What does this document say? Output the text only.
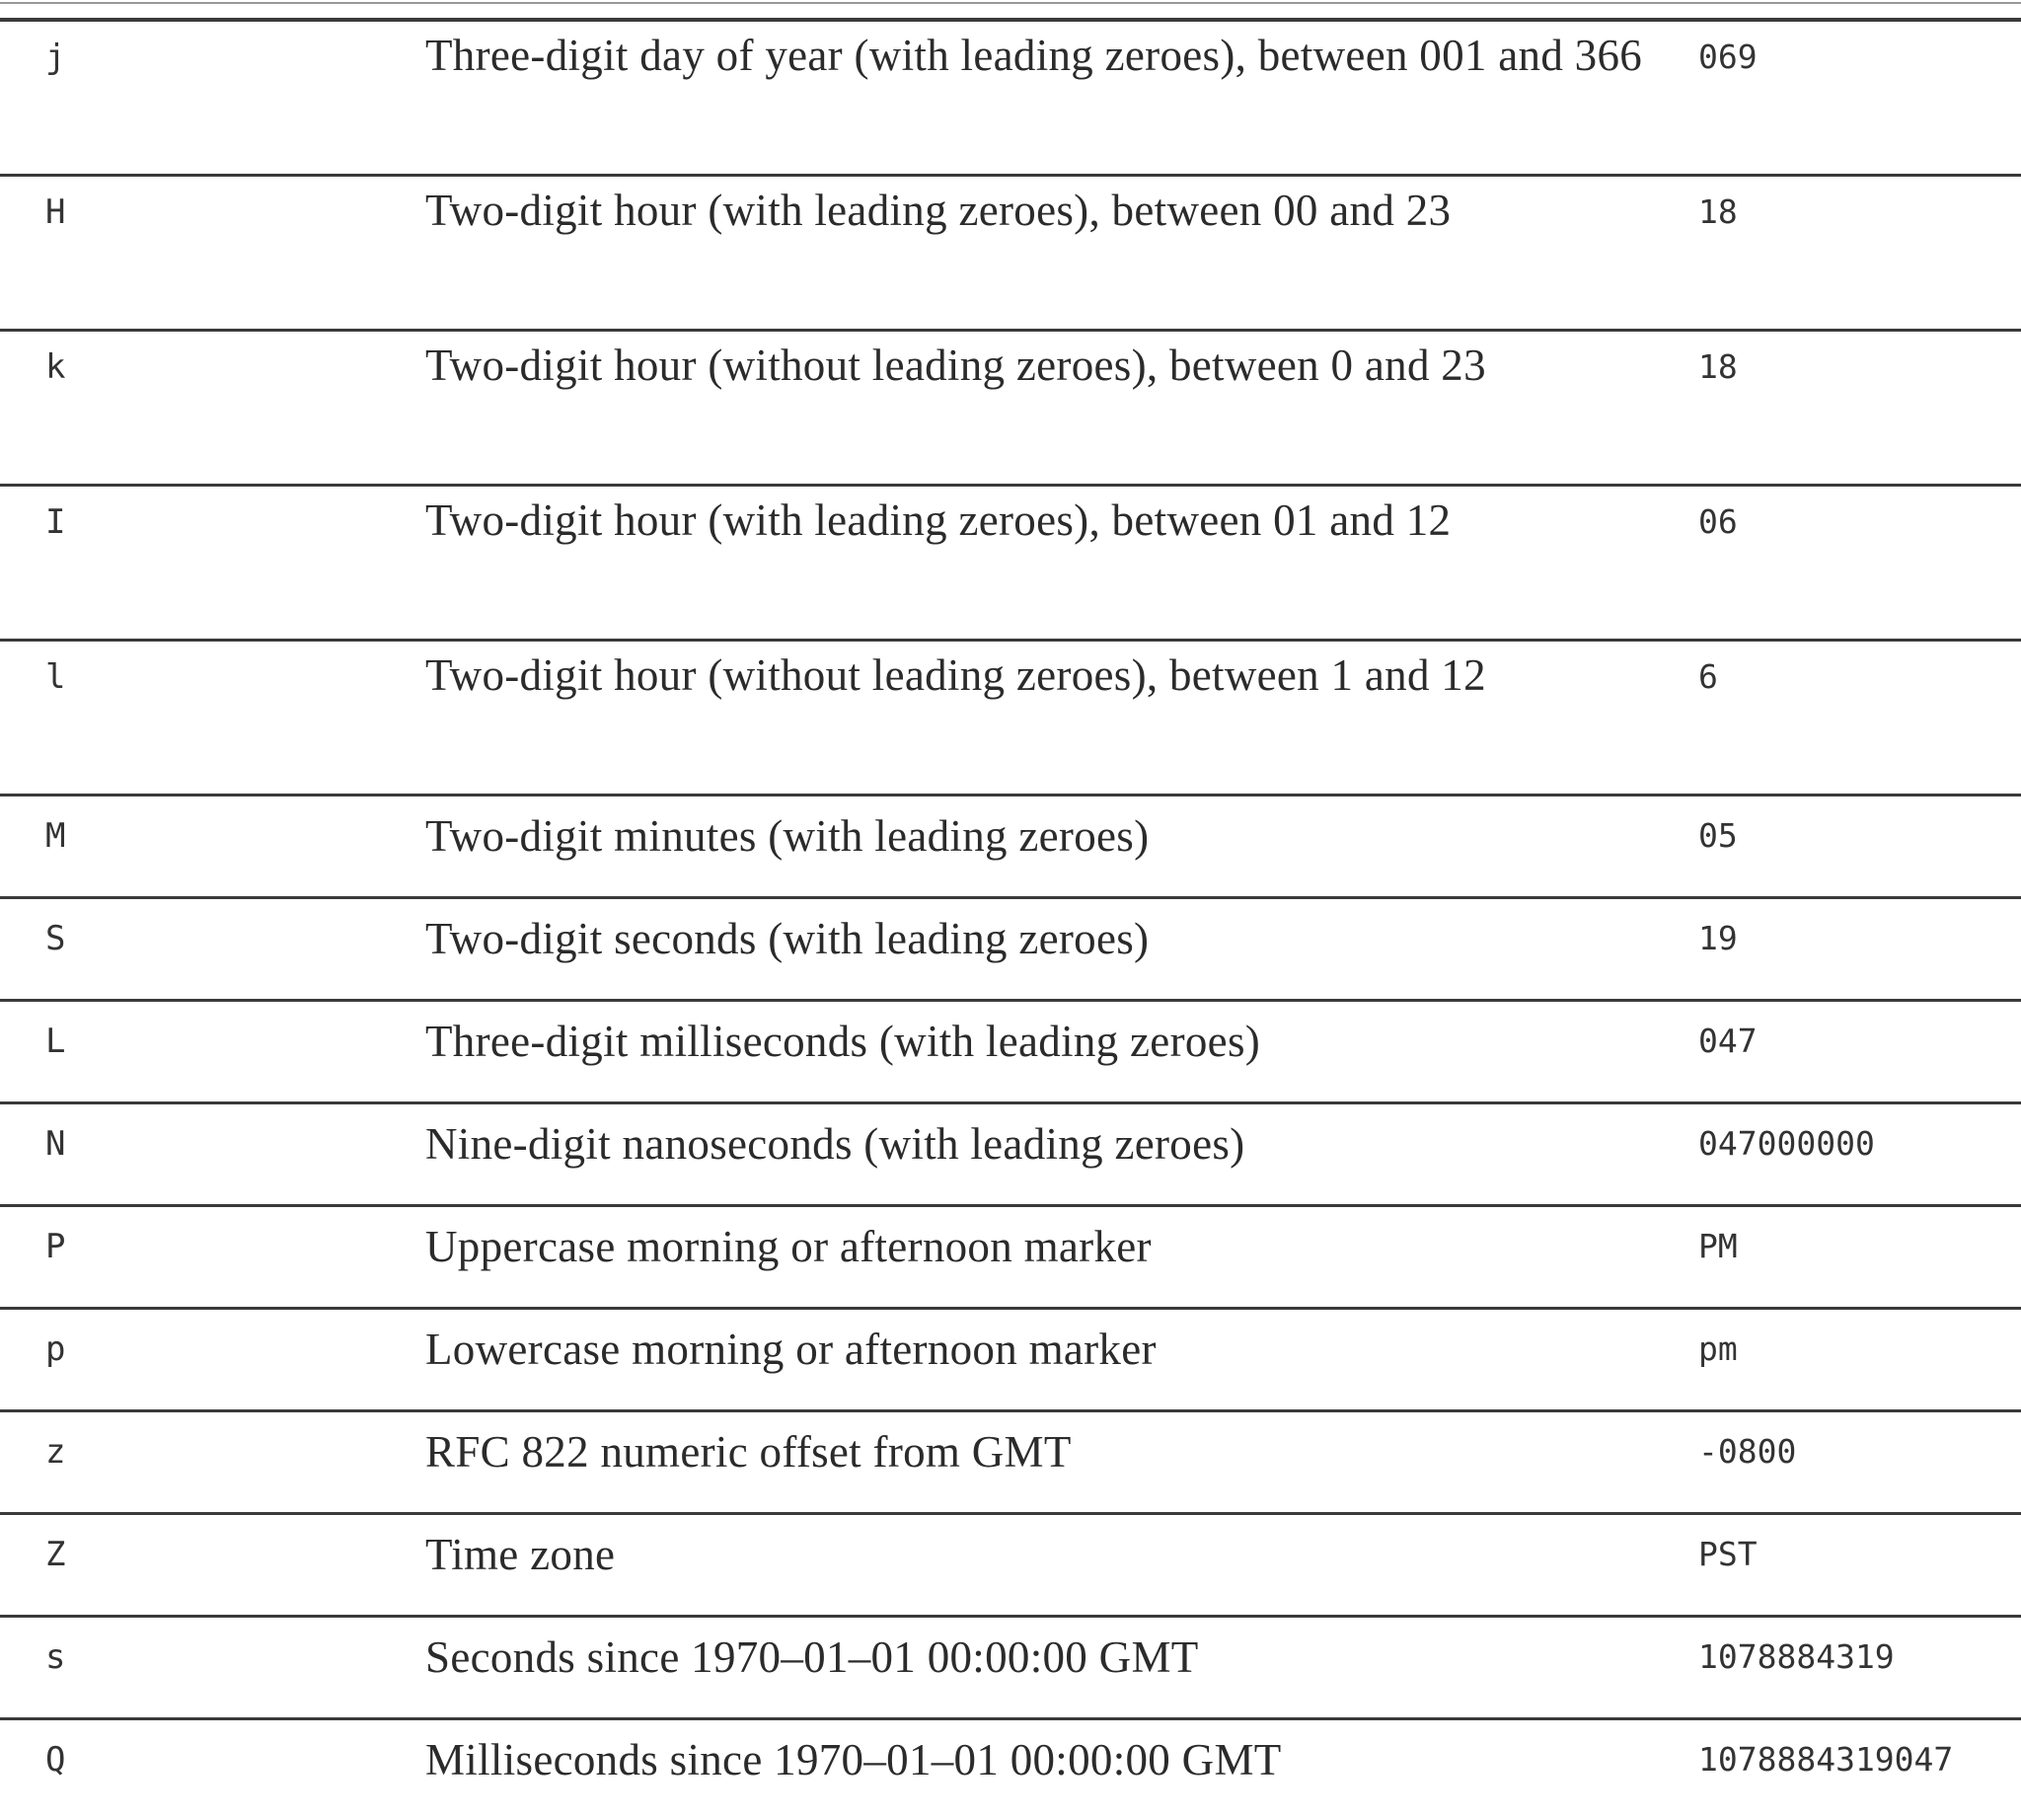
j	Three-digit day of year (with leading zeroes), between 001 and 366	069
H	Two-digit hour (with leading zeroes), between 00 and 23	18
k	Two-digit hour (without leading zeroes), between 0 and 23	18
I	Two-digit hour (with leading zeroes), between 01 and 12	06
l	Two-digit hour (without leading zeroes), between 1 and 12	6
M	Two-digit minutes (with leading zeroes)	05
S	Two-digit seconds (with leading zeroes)	19
L	Three-digit milliseconds (with leading zeroes)	047
N	Nine-digit nanoseconds (with leading zeroes)	047000000
P	Uppercase morning or afternoon marker	PM
p	Lowercase morning or afternoon marker	pm
z	RFC 822 numeric offset from GMT	-0800
Z	Time zone	PST
s	Seconds since 1970–01–01 00:00:00 GMT	1078884319
Q	Milliseconds since 1970–01–01 00:00:00 GMT	1078884319047
